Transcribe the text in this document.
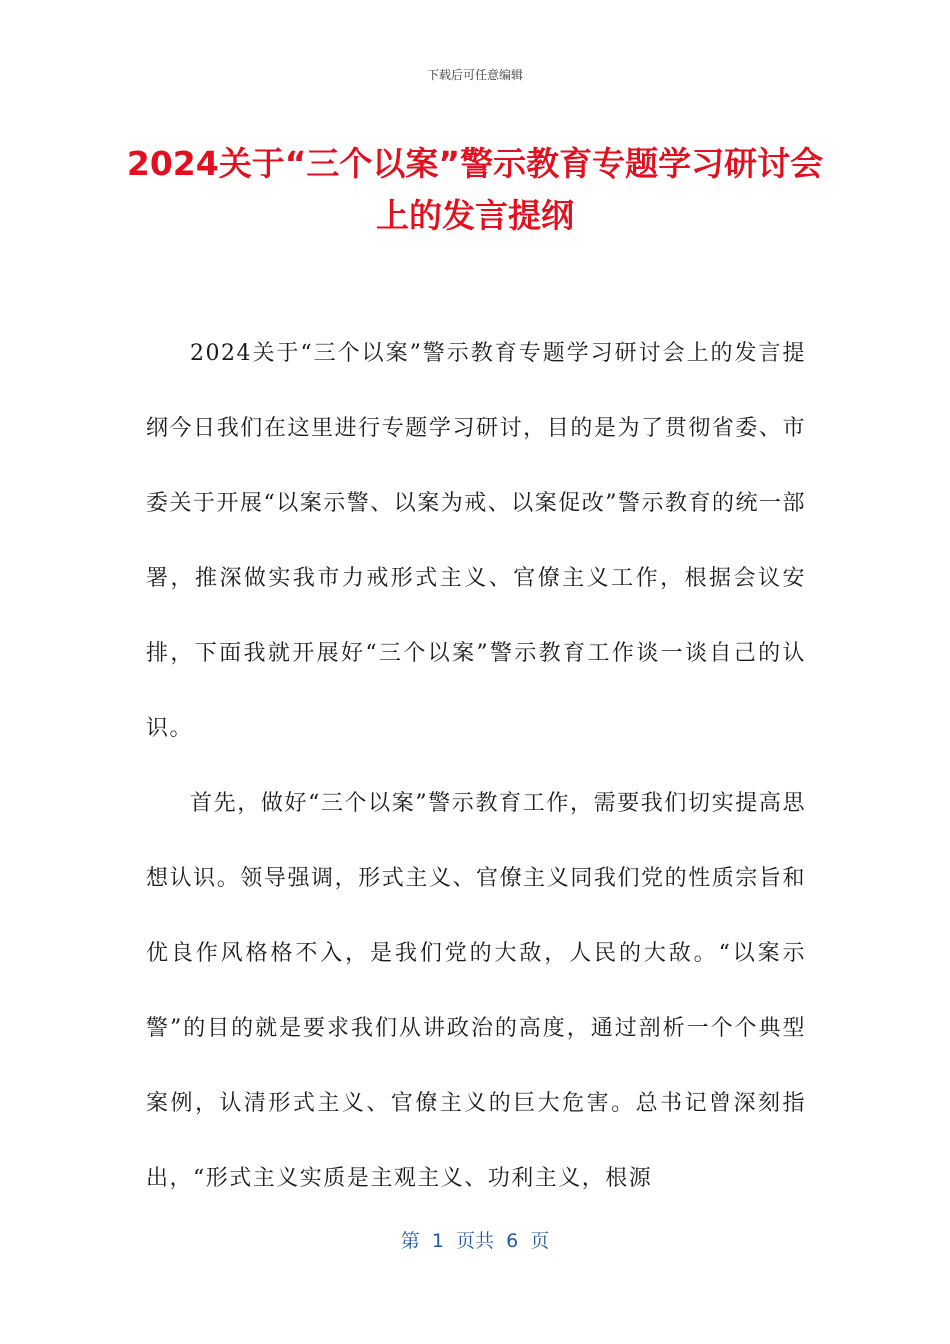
下载后可任意编辑
2024关于“三个以案”警示教育专题学习研讨会上的发言提纲

2024关于“三个以案”警示教育专题学习研讨会上的发言提纲今日我们在这里进行专题学习研讨，目的是为了贯彻省委、市委关于开展“以案示警、以案为戒、以案促改”警示教育的统一部署，推深做实我市力戒形式主义、官僚主义工作，根据会议安排，下面我就开展好“三个以案”警示教育工作谈一谈自己的认识。

首先，做好“三个以案”警示教育工作，需要我们切实提高思想认识。领导强调，形式主义、官僚主义同我们党的性质宗旨和优良作风格格不入，是我们党的大敌，人民的大敌。“以案示警”的目的就是要求我们从讲政治的高度，通过剖析一个个典型案例，认清形式主义、官僚主义的巨大危害。总书记曾深刻指出，“形式主义实质是主观主义、功利主义，根源

第  1  页共  6  页
